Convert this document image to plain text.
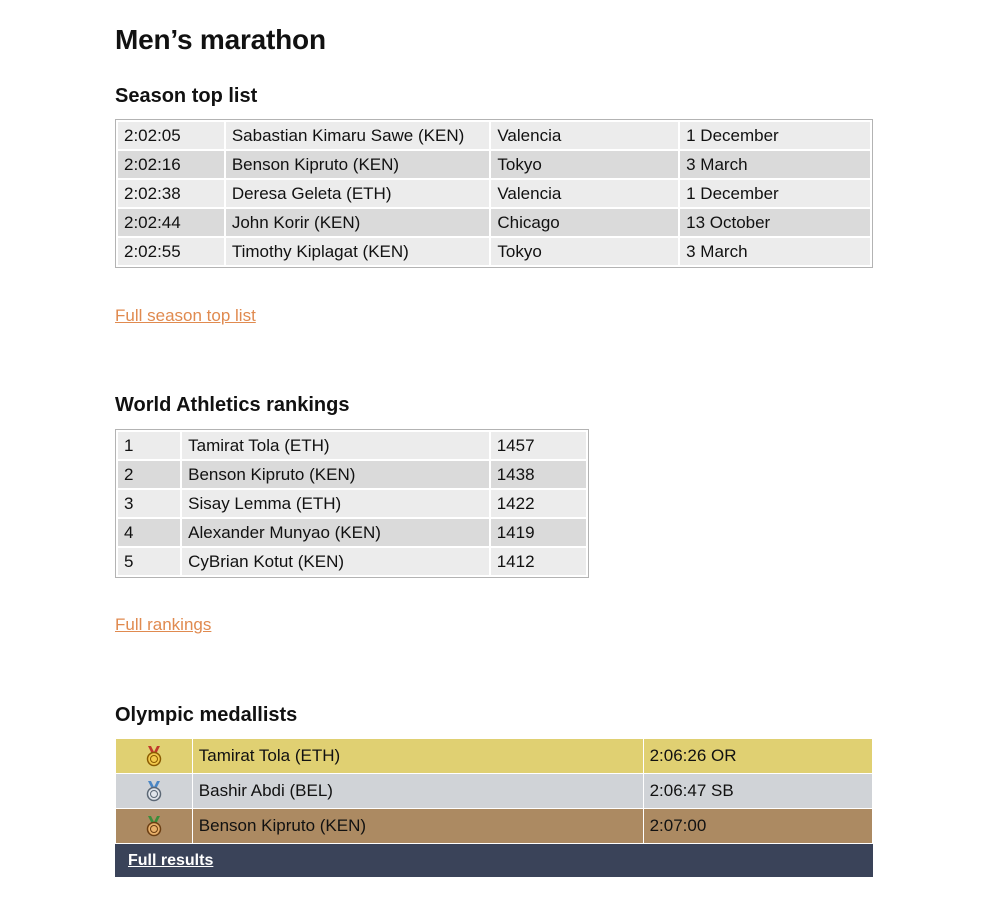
Men’s marathon
Season top list
2:02:05	Sabastian Kimaru Sawe (KEN)	Valencia	1 December
2:02:16	Benson Kipruto (KEN)	Tokyo	3 March
2:02:38	Deresa Geleta (ETH)	Valencia	1 December
2:02:44	John Korir (KEN)	Chicago	13 October
2:02:55	Timothy Kiplagat (KEN)	Tokyo	3 March
Full season top list
World Athletics rankings
1	Tamirat Tola (ETH)	1457
2	Benson Kipruto (KEN)	1438
3	Sisay Lemma (ETH)	1422
4	Alexander Munyao (KEN)	1419
5	CyBrian Kotut (KEN)	1412
Full rankings
Olympic medallists
	Tamirat Tola (ETH)	2:06:26 OR

	Bashir Abdi (BEL)	2:06:47 SB

	Benson Kipruto (KEN)	2:07:00
Full results		
